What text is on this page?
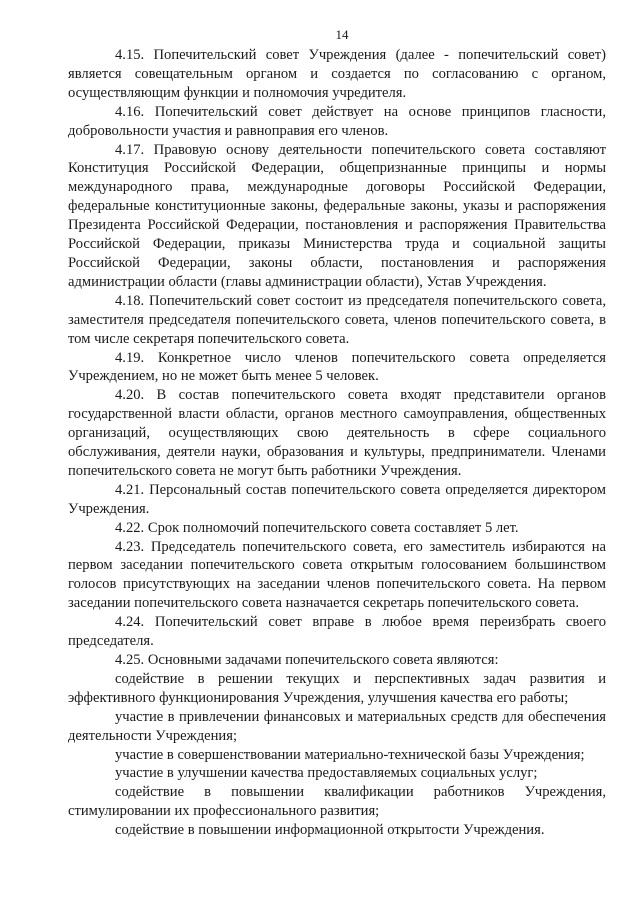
14

4.15. Попечительский совет Учреждения (далее - попечительский совет) является совещательным органом и создается по согласованию с органом, осуществляющим функции и полномочия учредителя.

4.16. Попечительский совет действует на основе принципов гласности, добровольности участия и равноправия его членов.

4.17. Правовую основу деятельности попечительского совета составляют Конституция Российской Федерации, общепризнанные принципы и нормы международного права, международные договоры Российской Федерации, федеральные конституционные законы, федеральные законы, указы и распоряжения Президента Российской Федерации, постановления и распоряжения Правительства Российской Федерации, приказы Министерства труда и социальной защиты Российской Федерации, законы области, постановления и распоряжения администрации области (главы администрации области), Устав Учреждения.

4.18. Попечительский совет состоит из председателя попечительского совета, заместителя председателя попечительского совета, членов попечительского совета, в том числе секретаря попечительского совета.

4.19. Конкретное число членов попечительского совета определяется Учреждением, но не может быть менее 5 человек.

4.20. В состав попечительского совета входят представители органов государственной власти области, органов местного самоуправления, общественных организаций, осуществляющих свою деятельность в сфере социального обслуживания, деятели науки, образования и культуры, предприниматели. Членами попечительского совета не могут быть работники Учреждения.

4.21. Персональный состав попечительского совета определяется директором Учреждения.

4.22. Срок полномочий попечительского совета составляет 5 лет.

4.23. Председатель попечительского совета, его заместитель избираются на первом заседании попечительского совета открытым голосованием большинством голосов присутствующих на заседании членов попечительского совета. На первом заседании попечительского совета назначается секретарь попечительского совета.

4.24. Попечительский совет вправе в любое время переизбрать своего председателя.

4.25. Основными задачами попечительского совета являются:

содействие в решении текущих и перспективных задач развития и эффективного функционирования Учреждения, улучшения качества его работы;

участие в привлечении финансовых и материальных средств для обеспечения деятельности Учреждения;

участие в совершенствовании материально-технической базы Учреждения;

участие в улучшении качества предоставляемых социальных услуг;

содействие в повышении квалификации работников Учреждения, стимулировании их профессионального развития;

содействие в повышении информационной открытости Учреждения.
